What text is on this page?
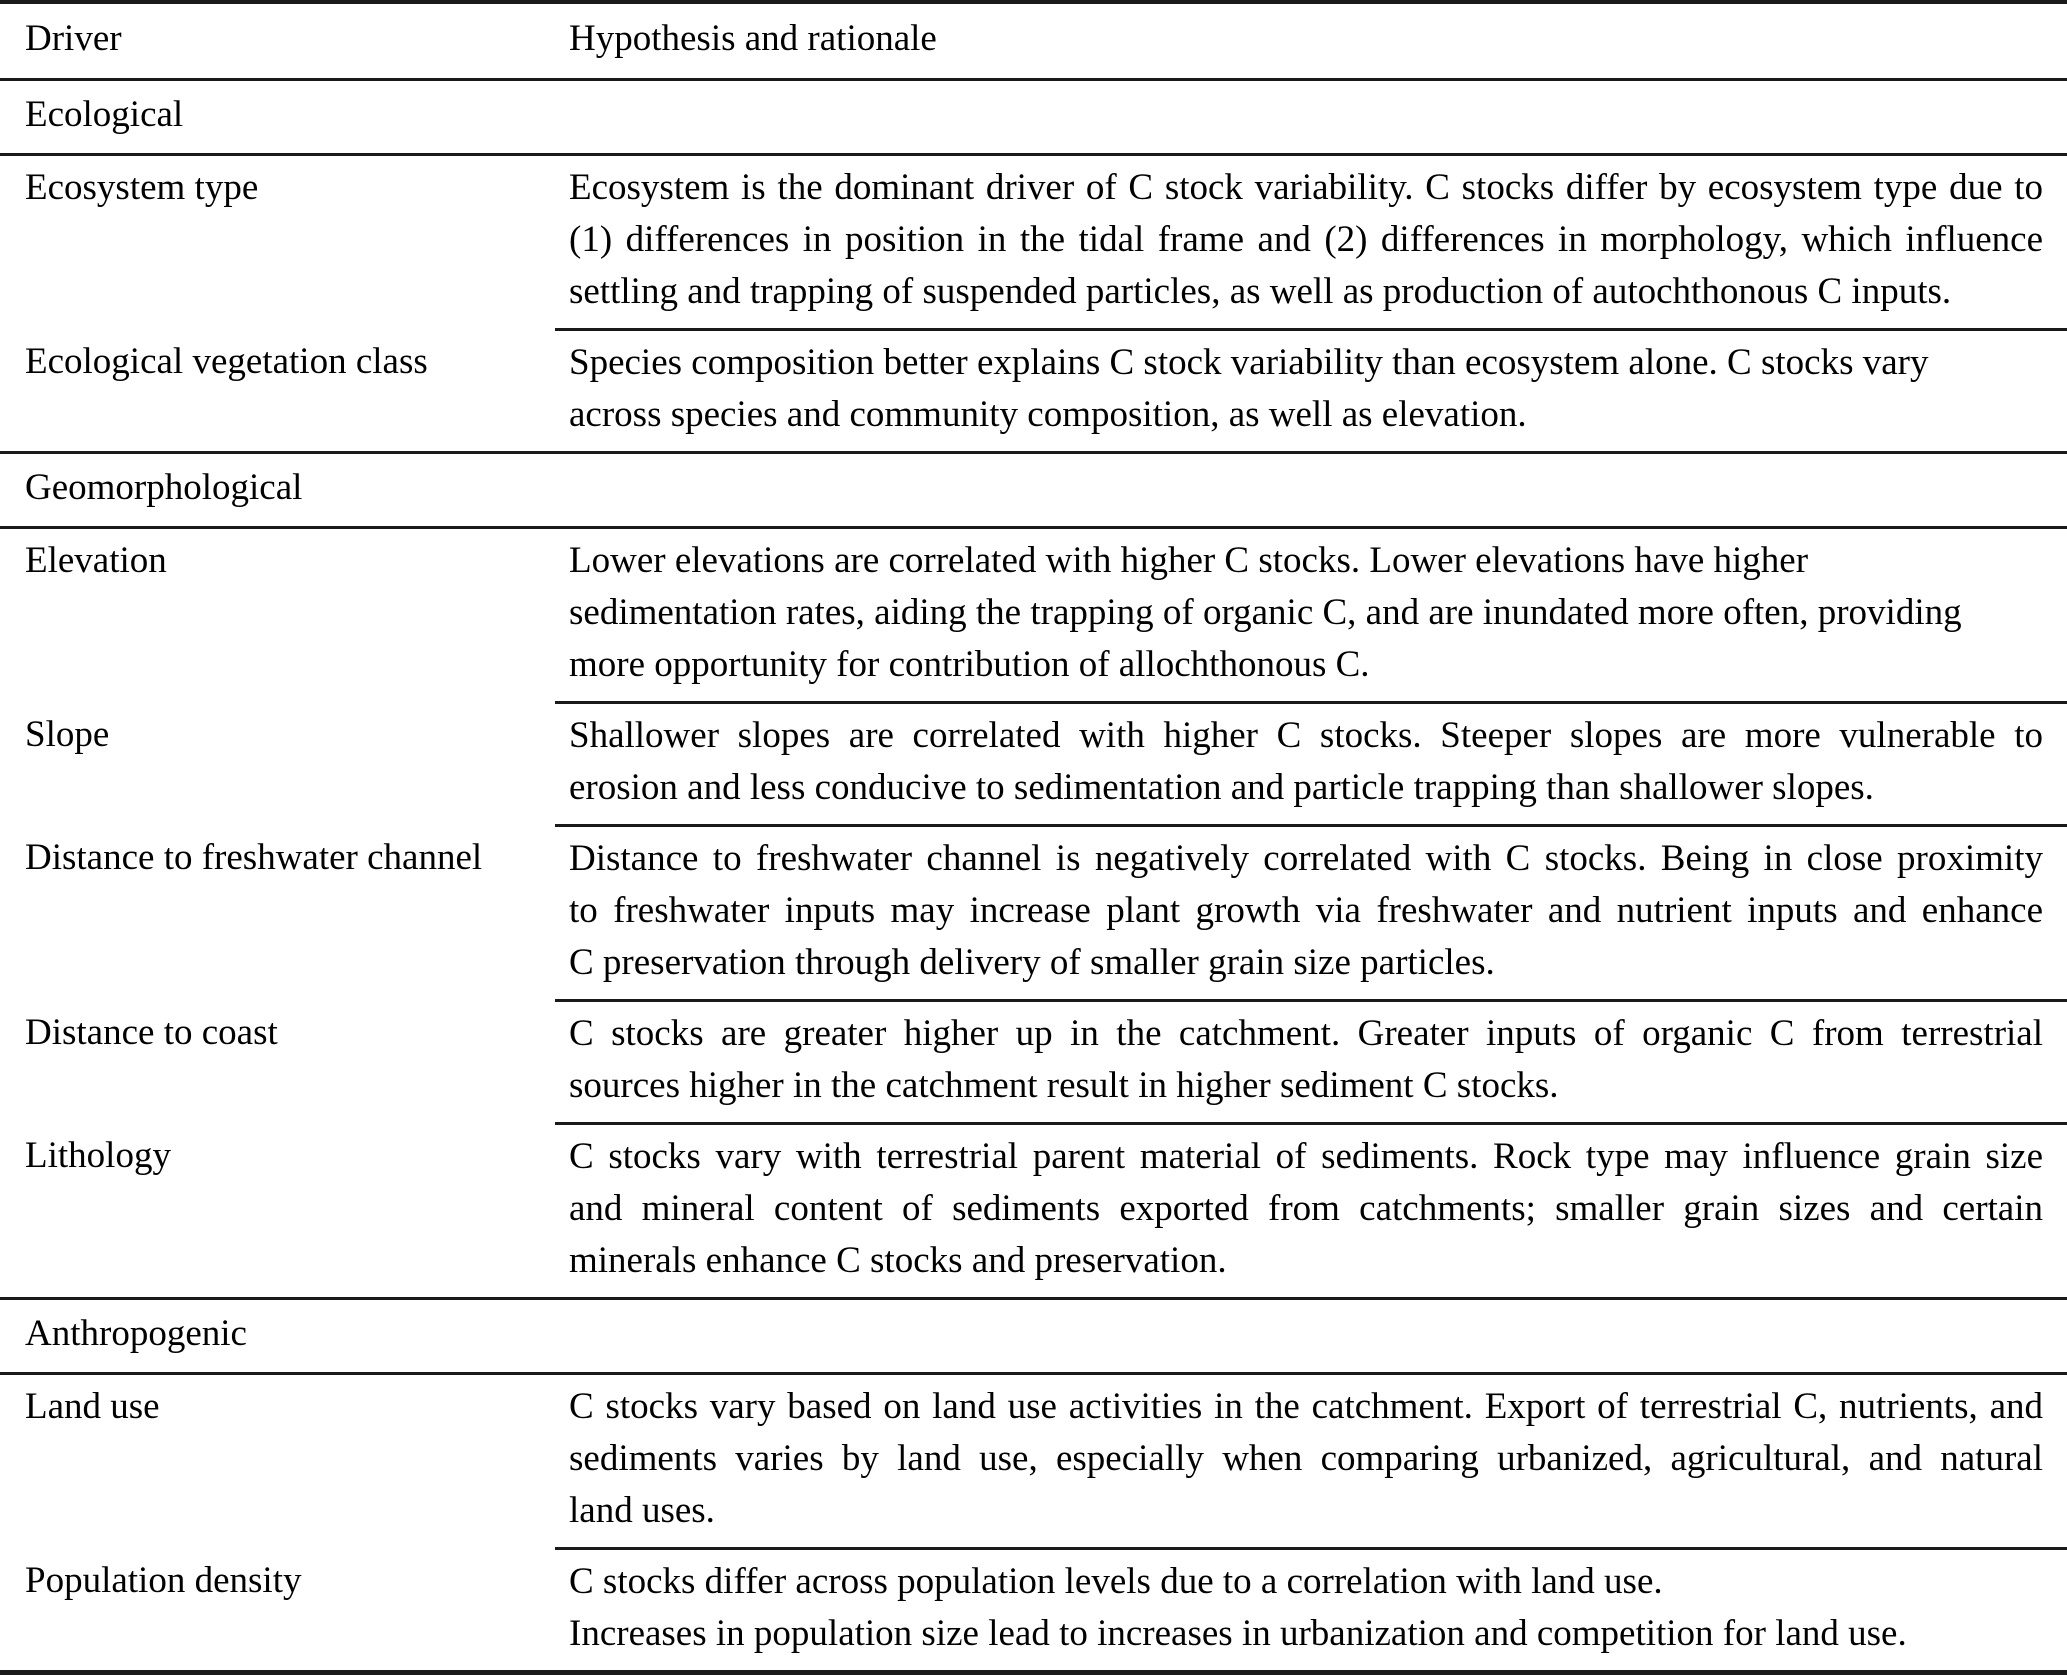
Driver	Hypothesis and rationale
Ecological	
Ecosystem type	Ecosystem is the dominant driver of C stock variability. C stocks differ by ecosystem type due to
(1) differences in position in the tidal frame and (2) differences in morphology, which influence
settling and trapping of suspended particles, as well as production of autochthonous C inputs.

Ecological vegetation class	Species composition better explains C stock variability than ecosystem alone. C stocks vary
across species and community composition, as well as elevation.

Geomorphological	
Elevation	Lower elevations are correlated with higher C stocks. Lower elevations have higher
sedimentation rates, aiding the trapping of organic C, and are inundated more often, providing
more opportunity for contribution of allochthonous C.

Slope	Shallower slopes are correlated with higher C stocks. Steeper slopes are more vulnerable to
erosion and less conducive to sedimentation and particle trapping than shallower slopes.

Distance to freshwater channel	Distance to freshwater channel is negatively correlated with C stocks. Being in close proximity
to freshwater inputs may increase plant growth via freshwater and nutrient inputs and enhance
C preservation through delivery of smaller grain size particles.

Distance to coast	C stocks are greater higher up in the catchment. Greater inputs of organic C from terrestrial
sources higher in the catchment result in higher sediment C stocks.

Lithology	C stocks vary with terrestrial parent material of sediments. Rock type may influence grain size
and mineral content of sediments exported from catchments; smaller grain sizes and certain
minerals enhance C stocks and preservation.

Anthropogenic	
Land use	C stocks vary based on land use activities in the catchment. Export of terrestrial C, nutrients, and
sediments varies by land use, especially when comparing urbanized, agricultural, and natural
land uses.

Population density	C stocks differ across population levels due to a correlation with land use.
Increases in population size lead to increases in urbanization and competition for land use.
